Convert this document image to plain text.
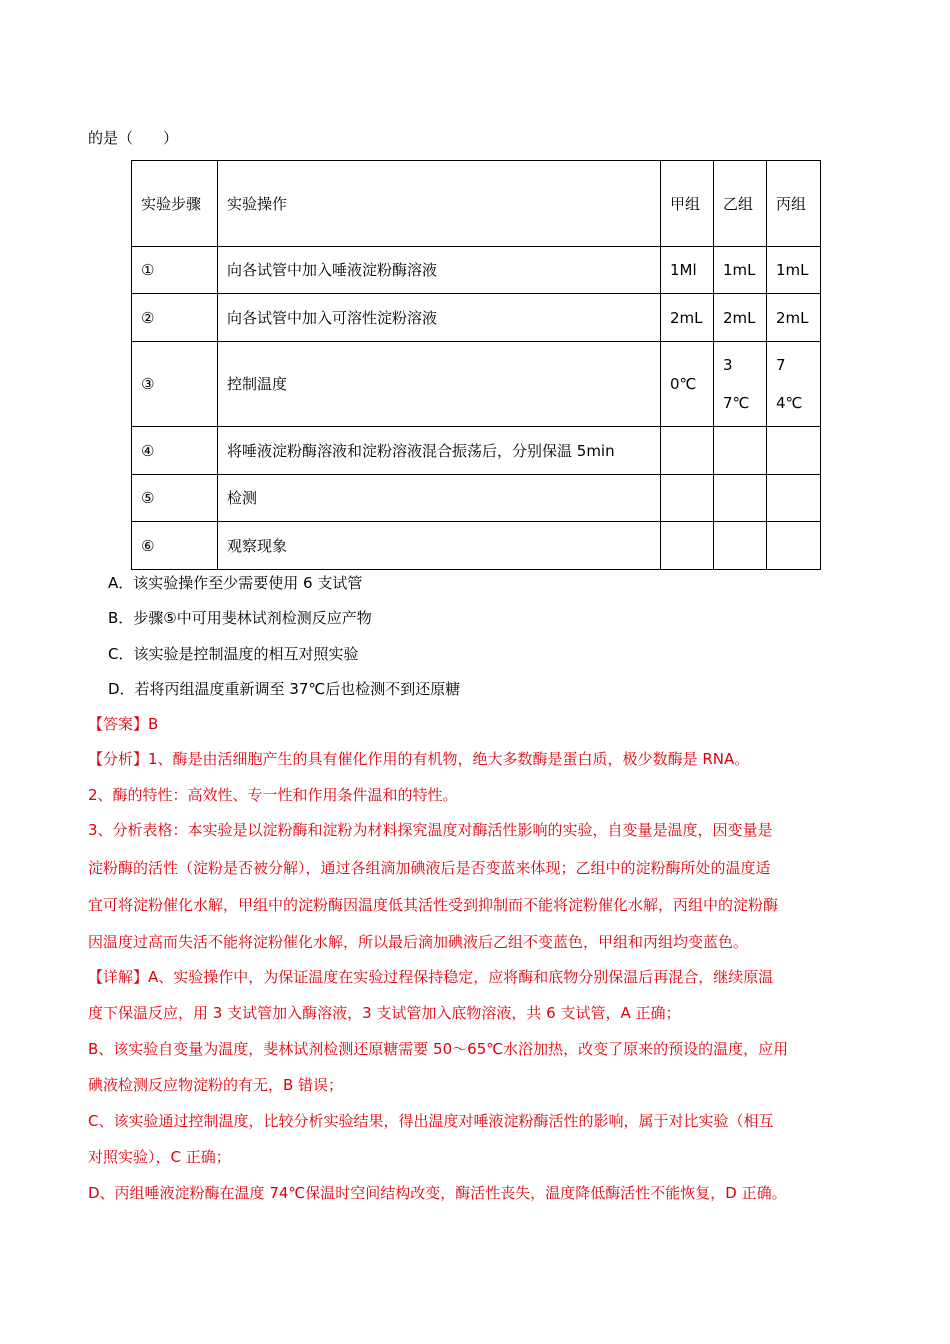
的是（　　）
实验步骤	实验操作	甲组	乙组	丙组
①	向各试管中加入唾液淀粉酶溶液	1Ml	1mL	1mL
②	向各试管中加入可溶性淀粉溶液	2mL	2mL	2mL
③	控制温度	0℃	37℃	74℃
④	将唾液淀粉酶溶液和淀粉溶液混合振荡后，分别保温 5min			
⑤	检测			
⑥	观察现象			
A．该实验操作至少需要使用 6 支试管
B．步骤⑤中可用斐林试剂检测反应产物
C．该实验是控制温度的相互对照实验
D．若将丙组温度重新调至 37℃后也检测不到还原糖
【答案】B
【分析】1、酶是由活细胞产生的具有催化作用的有机物，绝大多数酶是蛋白质，极少数酶是 RNA。
2、酶的特性：高效性、专一性和作用条件温和的特性。
3、分析表格：本实验是以淀粉酶和淀粉为材料探究温度对酶活性影响的实验，自变量是温度，因变量是
淀粉酶的活性（淀粉是否被分解），通过各组滴加碘液后是否变蓝来体现；乙组中的淀粉酶所处的温度适
宜可将淀粉催化水解，甲组中的淀粉酶因温度低其活性受到抑制而不能将淀粉催化水解，丙组中的淀粉酶
因温度过高而失活不能将淀粉催化水解，所以最后滴加碘液后乙组不变蓝色，甲组和丙组均变蓝色。
【详解】A、实验操作中，为保证温度在实验过程保持稳定，应将酶和底物分别保温后再混合，继续原温
度下保温反应，用 3 支试管加入酶溶液，3 支试管加入底物溶液，共 6 支试管，A 正确；
B、该实验自变量为温度，斐林试剂检测还原糖需要 50～65℃水浴加热，改变了原来的预设的温度，应用
碘液检测反应物淀粉的有无，B 错误；
C、该实验通过控制温度，比较分析实验结果，得出温度对唾液淀粉酶活性的影响，属于对比实验（相互
对照实验），C 正确；
D、丙组唾液淀粉酶在温度 74℃保温时空间结构改变，酶活性丧失，温度降低酶活性不能恢复，D 正确。
